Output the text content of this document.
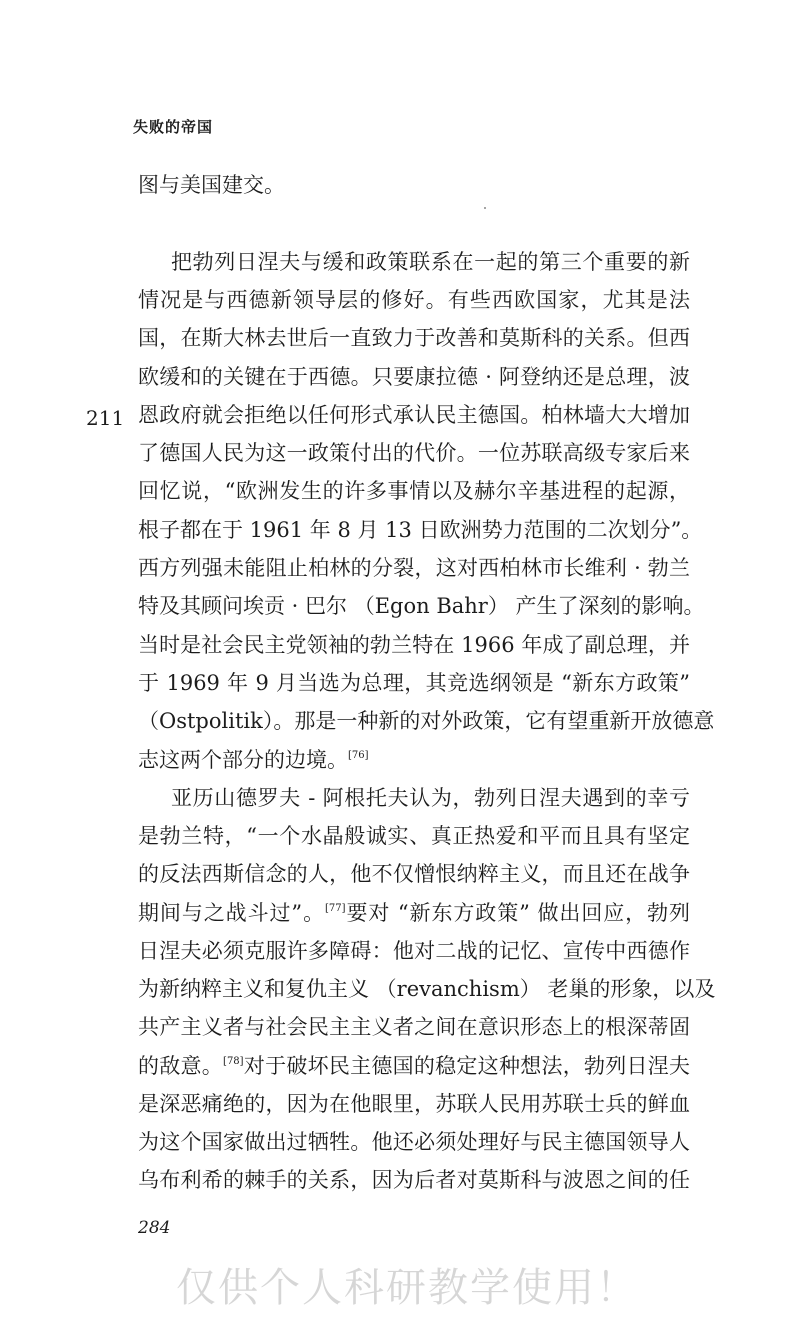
失败的帝国
211
图与美国建交。
把勃列日涅夫与缓和政策联系在一起的第三个重要的新
情况是与西德新领导层的修好。有些西欧国家，尤其是法
国，在斯大林去世后一直致力于改善和莫斯科的关系。但西
欧缓和的关键在于西德。只要康拉德 · 阿登纳还是总理，波
恩政府就会拒绝以任何形式承认民主德国。柏林墙大大增加
了德国人民为这一政策付出的代价。一位苏联高级专家后来
回忆说，“欧洲发生的许多事情以及赫尔辛基进程的起源，
根子都在于 1961 年 8 月 13 日欧洲势力范围的二次划分”。
西方列强未能阻止柏林的分裂，这对西柏林市长维利 · 勃兰
特及其顾问埃贡 · 巴尔 （Egon Bahr） 产生了深刻的影响。
当时是社会民主党领袖的勃兰特在 1966 年成了副总理，并
于 1969 年 9 月当选为总理，其竞选纲领是 “新东方政策”
（Ostpolitik）。那是一种新的对外政策，它有望重新开放德意
志这两个部分的边境。[76]
亚历山德罗夫 - 阿根托夫认为，勃列日涅夫遇到的幸亏
是勃兰特，“一个水晶般诚实、真正热爱和平而且具有坚定
的反法西斯信念的人，他不仅憎恨纳粹主义，而且还在战争
期间与之战斗过”。[77]要对 “新东方政策” 做出回应，勃列
日涅夫必须克服许多障碍：他对二战的记忆、宣传中西德作
为新纳粹主义和复仇主义 （revanchism） 老巢的形象，以及
共产主义者与社会民主主义者之间在意识形态上的根深蒂固
的敌意。[78]对于破坏民主德国的稳定这种想法，勃列日涅夫
是深恶痛绝的，因为在他眼里，苏联人民用苏联士兵的鲜血
为这个国家做出过牺牲。他还必须处理好与民主德国领导人
乌布利希的棘手的关系，因为后者对莫斯科与波恩之间的任
284
仅供个人科研教学使用！
